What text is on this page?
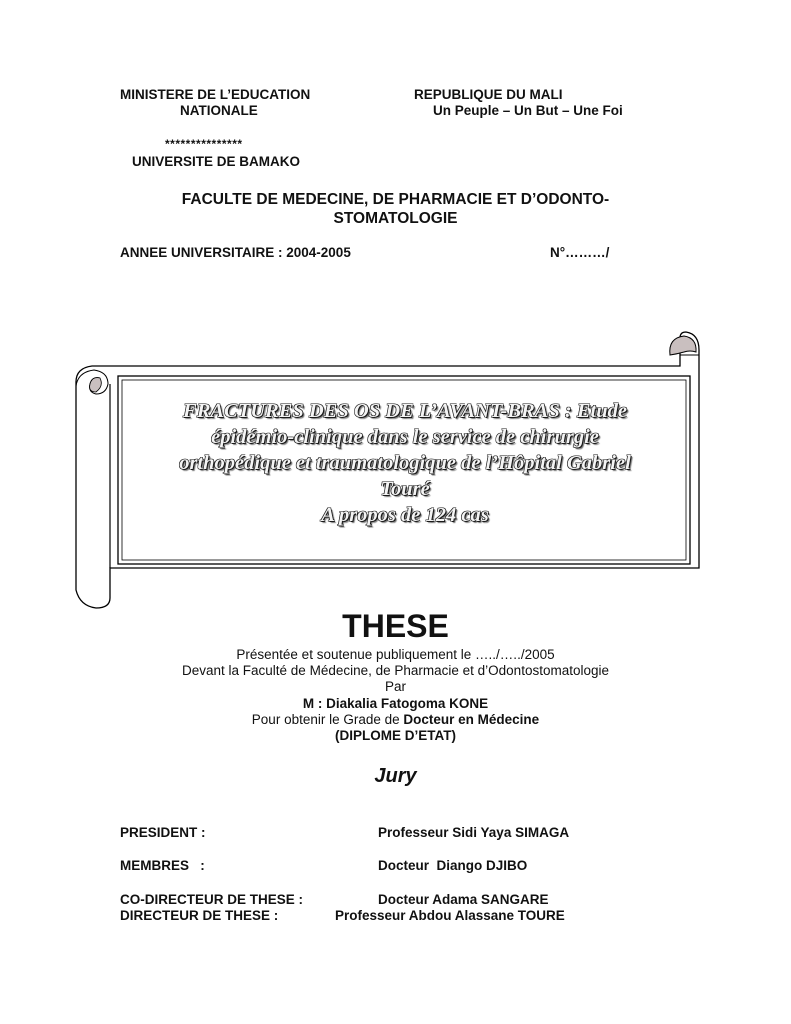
MINISTERE DE L’EDUCATION
NATIONALE
***************
UNIVERSITE DE BAMAKO
REPUBLIQUE DU MALI
Un Peuple – Un But – Une Foi
FACULTE DE MEDECINE, DE PHARMACIE ET D’ODONTO-
STOMATOLOGIE
ANNEE UNIVERSITAIRE : 2004-2005	N°………/
FRACTURES DES OS DE L’AVANT-BRAS : Etude
épidémio-clinique dans le service de chirurgie
orthopédique et traumatologique de l’Hôpital Gabriel
Touré
A propos de 124 cas
THESE
Présentée et soutenue publiquement le …../…../2005
Devant la Faculté de Médecine, de Pharmacie et d’Odontostomatologie
Par
M : Diakalia Fatogoma KONE
Pour obtenir le Grade de Docteur en Médecine
(DIPLOME D’ETAT)
Jury
PRESIDENT :	Professeur Sidi Yaya SIMAGA
MEMBRES   :	Docteur  Diango DJIBO
CO-DIRECTEUR DE THESE :	Docteur Adama SANGARE
DIRECTEUR DE THESE :	Professeur Abdou Alassane TOURE
